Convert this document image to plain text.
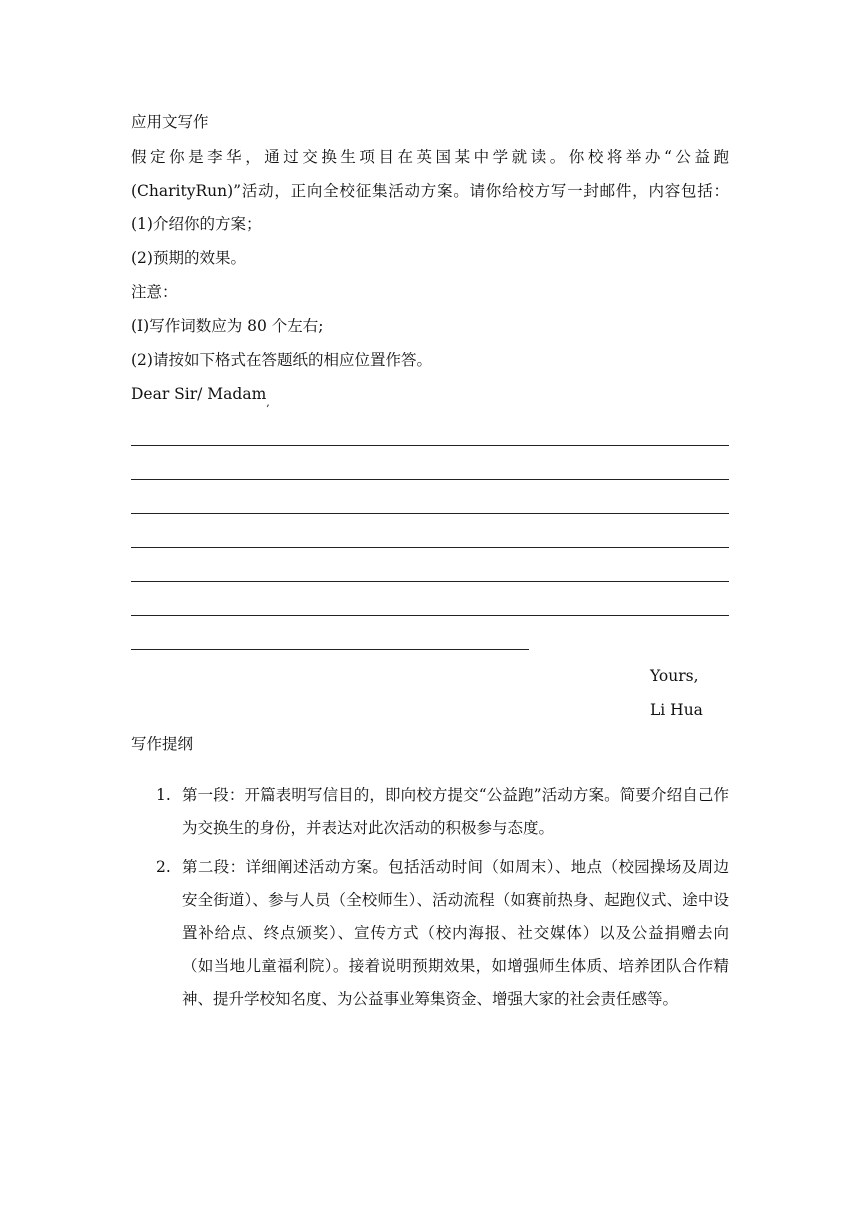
应用文写作
假定你是李华，通过交换生项目在英国某中学就读。你校将举办“公益跑
(CharityRun)”活动，正向全校征集活动方案。请你给校方写一封邮件，内容包括：
(1)介绍你的方案；
(2)预期的效果。
注意：
(Ⅰ)写作词数应为 80 个左右;
(2)请按如下格式在答题纸的相应位置作答。
Dear Sir/ Madam$_,$
Yours,
Li Hua
写作提纲
1. 第一段：开篇表明写信目的，即向校方提交“公益跑”活动方案。简要介绍自己作为交换生的身份，并表达对此次活动的积极参与态度。
2. 第二段：详细阐述活动方案。包括活动时间（如周末）、地点（校园操场及周边安全街道）、参与人员（全校师生）、活动流程（如赛前热身、起跑仪式、途中设置补给点、终点颁奖）、宣传方式（校内海报、社交媒体）以及公益捐赠去向（如当地儿童福利院）。接着说明预期效果，如增强师生体质、培养团队合作精神、提升学校知名度、为公益事业筹集资金、增强大家的社会责任感等。
